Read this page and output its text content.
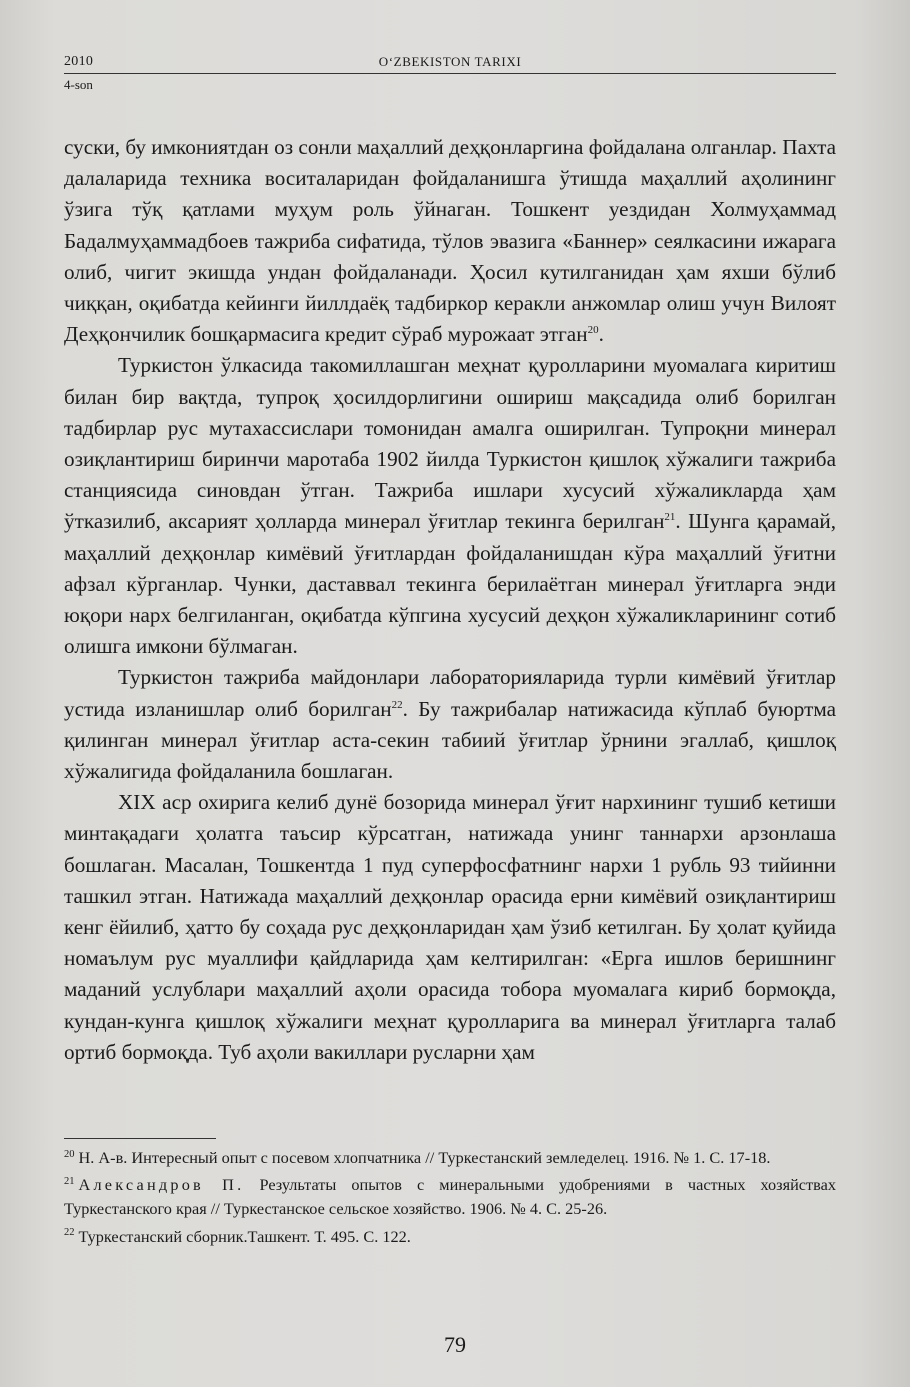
2010	O‘ZBEKISTON TARIXI
4-son

суски, бу имкониятдан оз сонли маҳаллий деҳқонларгина фойдалана олганлар. Пахта далаларида техника воситаларидан фойдаланишга ўтишда маҳаллий аҳолининг ўзига тўқ қатлами муҳум роль ўйнаган. Тошкент уездидан Холмуҳаммад Бадалмуҳаммадбоев тажриба сифатида, тўлов эвазига «Баннер» сеялкасини ижарага олиб, чигит экишда ундан фойдаланади. Ҳосил кутилганидан ҳам яхши бўлиб чиққан, оқибатда кейинги йиллдаёқ тадбиркор керакли анжомлар олиш учун Вилоят Деҳқончилик бошқармасига кредит сўраб мурожаат этган$^{20}$.

Туркистон ўлкасида такомиллашган меҳнат қуролларини муомалага киритиш билан бир вақтда, тупроқ ҳосилдорлигини ошириш мақсадида олиб борилган тадбирлар рус мутахассислари томонидан амалга оширилган. Тупроқни минерал озиқлантириш биринчи маротаба 1902 йилда Туркистон қишлоқ хўжалиги тажриба станциясида синовдан ўтган. Тажриба ишлари хусусий хўжаликларда ҳам ўтказилиб, аксарият ҳолларда минерал ўғитлар текинга берилган$^{21}$. Шунга қарамай, маҳаллий деҳқонлар кимёвий ўғитлардан фойдаланишдан кўра маҳаллий ўғитни афзал кўрганлар. Чунки, даставвал текинга берилаётган минерал ўғитларга энди юқори нарх белгиланган, оқибатда кўпгина хусусий деҳқон хўжаликларининг сотиб олишга имкони бўлмаган.

Туркистон тажриба майдонлари лабораторияларида турли кимёвий ўғитлар устида изланишлар олиб борилган$^{22}$. Бу тажрибалар натижасида кўплаб буюртма қилинган минерал ўғитлар аста-секин табиий ўғитлар ўрнини эгаллаб, қишлоқ хўжалигида фойдаланила бошлаган.

XIX аср охирига келиб дунё бозорида минерал ўғит нархининг тушиб кетиши минтақадаги ҳолатга таъсир кўрсатган, натижада унинг таннархи арзонлаша бошлаган. Масалан, Тошкентда 1 пуд суперфосфатнинг нархи 1 рубль 93 тийинни ташкил этган. Натижада маҳаллий деҳқонлар орасида ерни кимёвий озиқлантириш кенг ёйилиб, ҳатто бу соҳада рус деҳқонларидан ҳам ўзиб кетилган. Бу ҳолат қуйида номаълум рус муаллифи қайдларида ҳам келтирилган: «Ерга ишлов беришнинг маданий услублари маҳаллий аҳоли орасида тобора муомалага кириб бормоқда, кундан-кунга қишлоқ хўжалиги меҳнат қуролларига ва минерал ўғитларга талаб ортиб бормоқда. Туб аҳоли вакиллари русларни ҳам

$^{20}$ Н. А-в. Интересный опыт с посевом хлопчатника // Туркестанский земледелец. 1916. № 1. С. 17-18.

$^{21}$ Александров П. Результаты опытов с минеральными удобрениями в частных хозяйствах Туркестанского края // Туркестанское сельское хозяйство. 1906. № 4. С. 25-26.

$^{22}$ Туркестанский сборник.Ташкент. Т. 495. С. 122.

79
